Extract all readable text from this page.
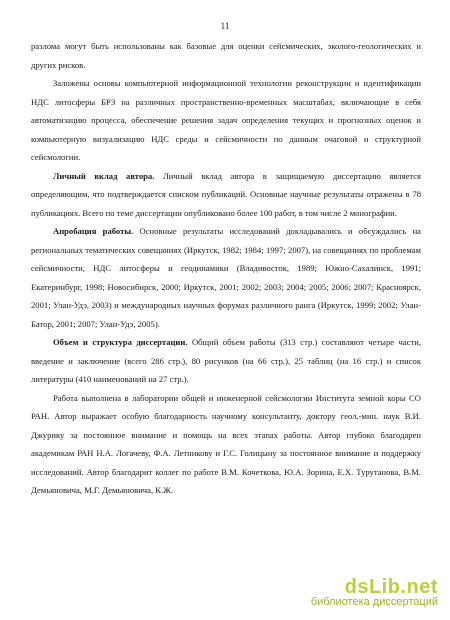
11

разлома могут быть использованы как базовые для оценки сейсмических, эколого-геологических и других рисков.

Заложены основы компьютерной информационной технологии реконструкции и идентификации НДС литосферы БРЗ на различных пространственно-временных масштабах, включающие в себя автоматизацию процесса, обеспечение решения задач определения текущих и прогнозных оценок и компьютерную визуализацию НДС среды и сейсмичности по данным очаговой и структурной сейсмологии.

Личный вклад автора. Личный вклад автора в защищаемую диссертацию является определяющим, что подтверждается списком публикаций. Основные научные результаты отражены в 78 публикациях. Всего по теме диссертации опубликовано более 100 работ, в том числе 2 монографии.

Апробация работы. Основные результаты исследований докладывались и обсуждались на региональных тематических совещаниях (Иркутск, 1982; 1984; 1997; 2007), на совещаниях по проблемам сейсмичности, НДС литосферы и геодинамики (Владивосток, 1989; Южно-Сахалинск, 1991; Екатеринбург, 1998; Новосибирск, 2000; Иркутск, 2001; 2002; 2003; 2004; 2005; 2006; 2007; Красноярск, 2001; Улан-Удэ, 2003) и международных научных форумах различного ранга (Иркутск, 1999; 2002; Улан-Батор, 2001; 2007; Улан-Удэ, 2005).

Объем и структура диссертации. Общий объем работы (313 стр.) составляют четыре части, введение и заключение (всего 286 стр.), 80 рисунков (на 66 стр.), 25 таблиц (на 16 стр.) и список литературы (410 наименований на 27 стр.).

Работа выполнена в лаборатории общей и инженерной сейсмологии Института земной коры СО РАН. Автор выражает особую благодарность научному консультанту, доктору геол.-мин. наук В.И. Джурику за постоянное внимание и помощь на всех этапах работы. Автор глубоко благодарен академикам РАН Н.А. Логачеву, Ф.А. Летникову и Г.С. Голицыну за постоянное внимание и поддержку исследований. Автор благодарит коллег по работе В.М. Кочеткова, Ю.А. Зорина, Е.Х. Турутанова, В.М. Демьяновича, М.Г. Демьяновича, К.Ж.

dsLib.net
библиотека диссертаций
